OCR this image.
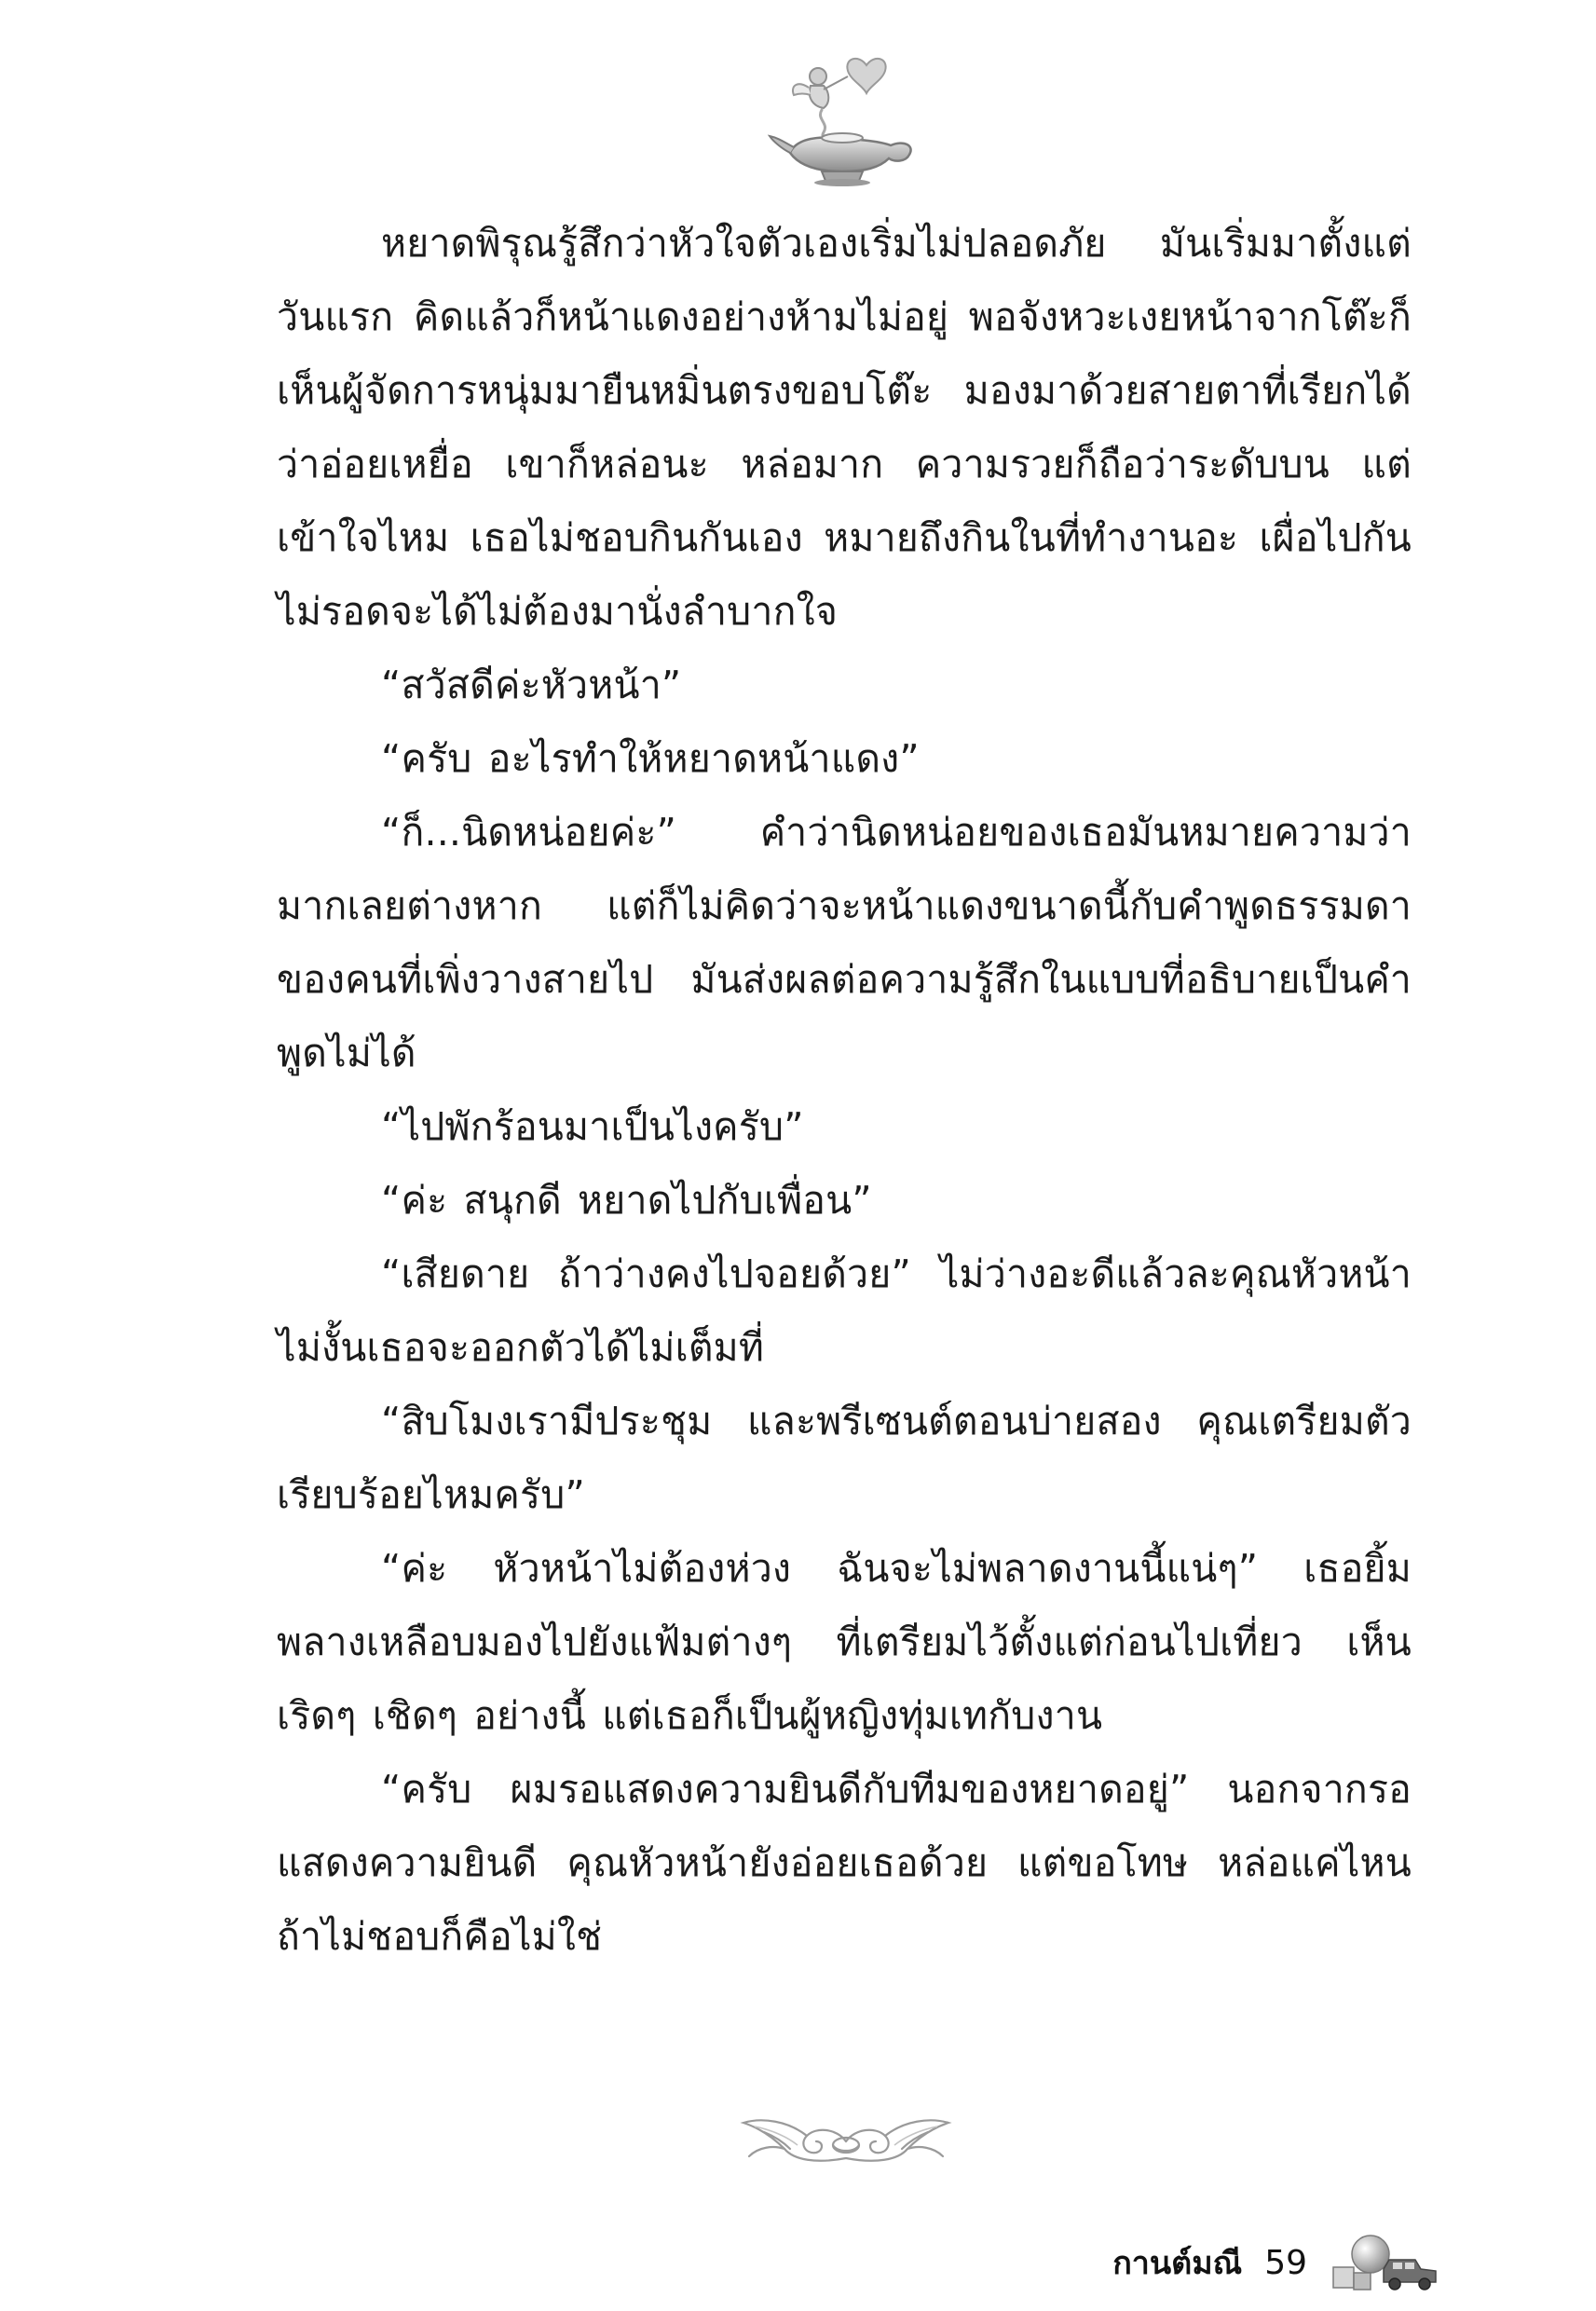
หยาดพิรุณรู้สึกว่าหัวใจตัวเองเริ่มไม่ปลอดภัย มันเริ่มมาตั้งแต่วันแรก คิดแล้วก็หน้าแดงอย่างห้ามไม่อยู่ พอจังหวะเงยหน้าจากโต๊ะก็เห็นผู้จัดการหนุ่มมายืนหมิ่นตรงขอบโต๊ะ มองมาด้วยสายตาที่เรียกได้ว่าอ่อยเหยื่อ เขาก็หล่อนะ หล่อมาก ความรวยก็ถือว่าระดับบน แต่เข้าใจไหม เธอไม่ชอบกินกันเอง หมายถึงกินในที่ทำงานอะ เผื่อไปกันไม่รอดจะได้ไม่ต้องมานั่งลำบากใจ

“สวัสดีค่ะหัวหน้า”

“ครับ อะไรทำให้หยาดหน้าแดง”

“ก็...นิดหน่อยค่ะ” คำว่านิดหน่อยของเธอมันหมายความว่ามากเลยต่างหาก แต่ก็ไม่คิดว่าจะหน้าแดงขนาดนี้กับคำพูดธรรมดาของคนที่เพิ่งวางสายไป มันส่งผลต่อความรู้สึกในแบบที่อธิบายเป็นคำพูดไม่ได้

“ไปพักร้อนมาเป็นไงครับ”

“ค่ะ สนุกดี หยาดไปกับเพื่อน”

“เสียดาย ถ้าว่างคงไปจอยด้วย” ไม่ว่างอะดีแล้วละคุณหัวหน้า ไม่งั้นเธอจะออกตัวได้ไม่เต็มที่

“สิบโมงเรามีประชุม และพรีเซนต์ตอนบ่ายสอง คุณเตรียมตัวเรียบร้อยไหมครับ”

“ค่ะ หัวหน้าไม่ต้องห่วง ฉันจะไม่พลาดงานนี้แน่ๆ” เธอยิ้ม พลางเหลือบมองไปยังแฟ้มต่างๆ ที่เตรียมไว้ตั้งแต่ก่อนไปเที่ยว เห็นเริดๆ เชิดๆ อย่างนี้ แต่เธอก็เป็นผู้หญิงทุ่มเทกับงาน

“ครับ ผมรอแสดงความยินดีกับทีมของหยาดอยู่” นอกจากรอแสดงความยินดี คุณหัวหน้ายังอ่อยเธอด้วย แต่ขอโทษ หล่อแค่ไหนถ้าไม่ชอบก็คือไม่ใช่

กานต์มณี 59
